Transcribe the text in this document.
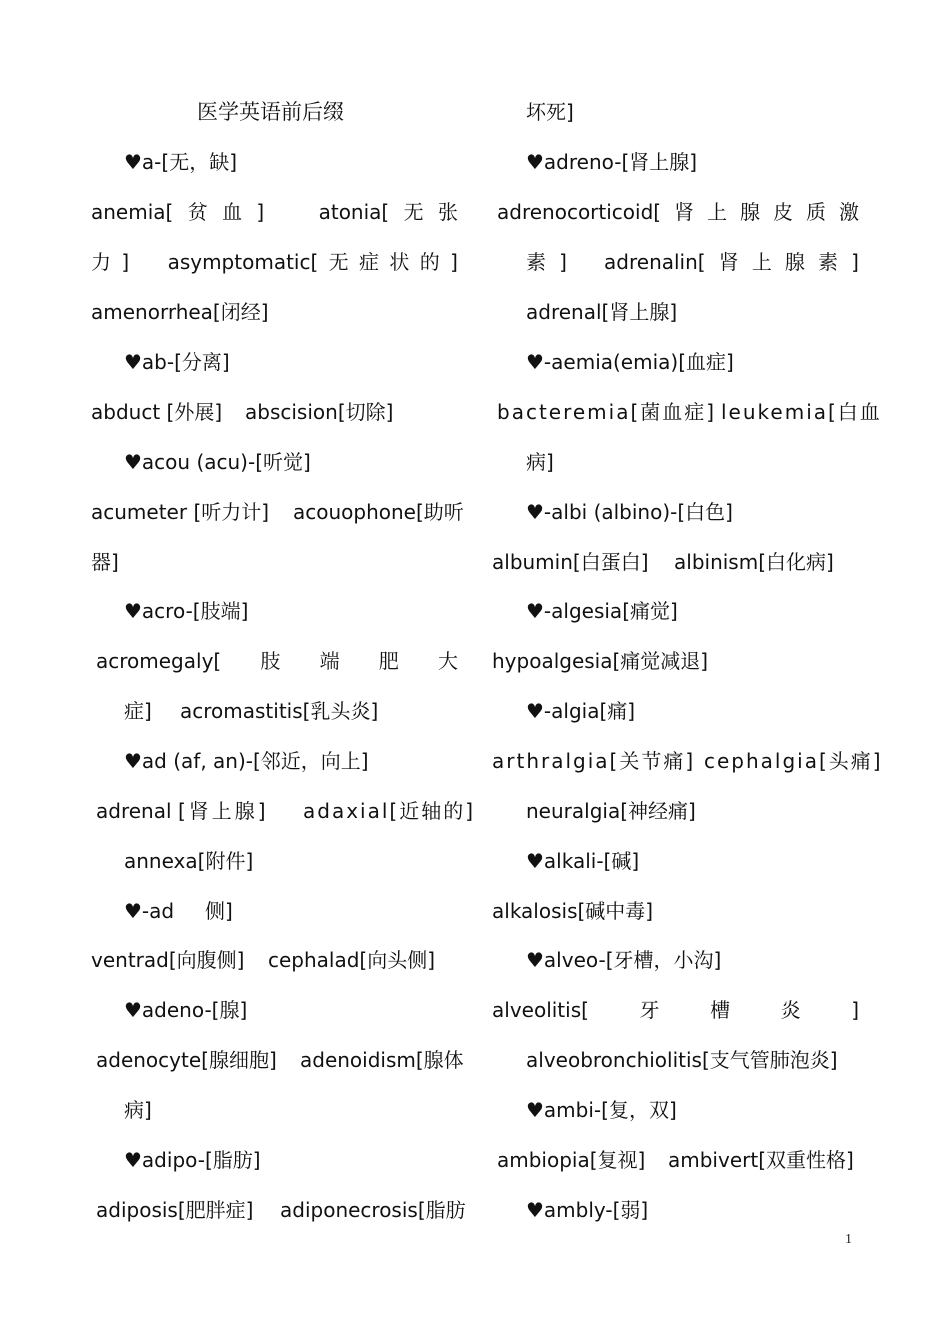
医学英语前后缀
♥a-[无，缺]
anemia[ 贫 血 ]	atonia[ 无 张
力 ] asymptomatic[ 无 症 状 的 ]
amenorrhea[闭经]
♥ab-[分离]
abduct [外展] abscision[切除]
♥acou (acu)-[听觉]
acumeter [听力计] acouophone[助听
器]
♥acro-[肢端]
acromegaly[ 肢 端 肥 大
症] acromastitis[乳头炎]
♥ad (af, an)-[邻近，向上]
adrenal [肾上腺] adaxial[近轴的]
annexa[附件]
♥-ad 侧]
ventrad[向腹侧] cephalad[向头侧]
♥adeno-[腺]
adenocyte[腺细胞] adenoidism[腺体
病]
♥adipo-[脂肪]
adiposis[肥胖症] adiponecrosis[脂肪
坏死]
♥adreno-[肾上腺]
adrenocorticoid[ 肾 上 腺 皮 质 激
素 ] adrenalin[ 肾 上 腺 素 ]
adrenal[肾上腺]
♥-aemia(emia)[血症]
bacteremia[菌血症] leukemia[白血
病]
♥-albi (albino)-[白色]
albumin[白蛋白] albinism[白化病]
♥-algesia[痛觉]
hypoalgesia[痛觉减退]
♥-algia[痛]
arthralgia[关节痛] cephalgia[头痛]
neuralgia[神经痛]
♥alkali-[碱]
alkalosis[碱中毒]
♥alveo-[牙槽，小沟]
alveolitis[	牙	槽	炎	]
alveobronchiolitis[支气管肺泡炎]
♥ambi-[复，双]
ambiopia[复视] ambivert[双重性格]
♥ambly-[弱]
1
